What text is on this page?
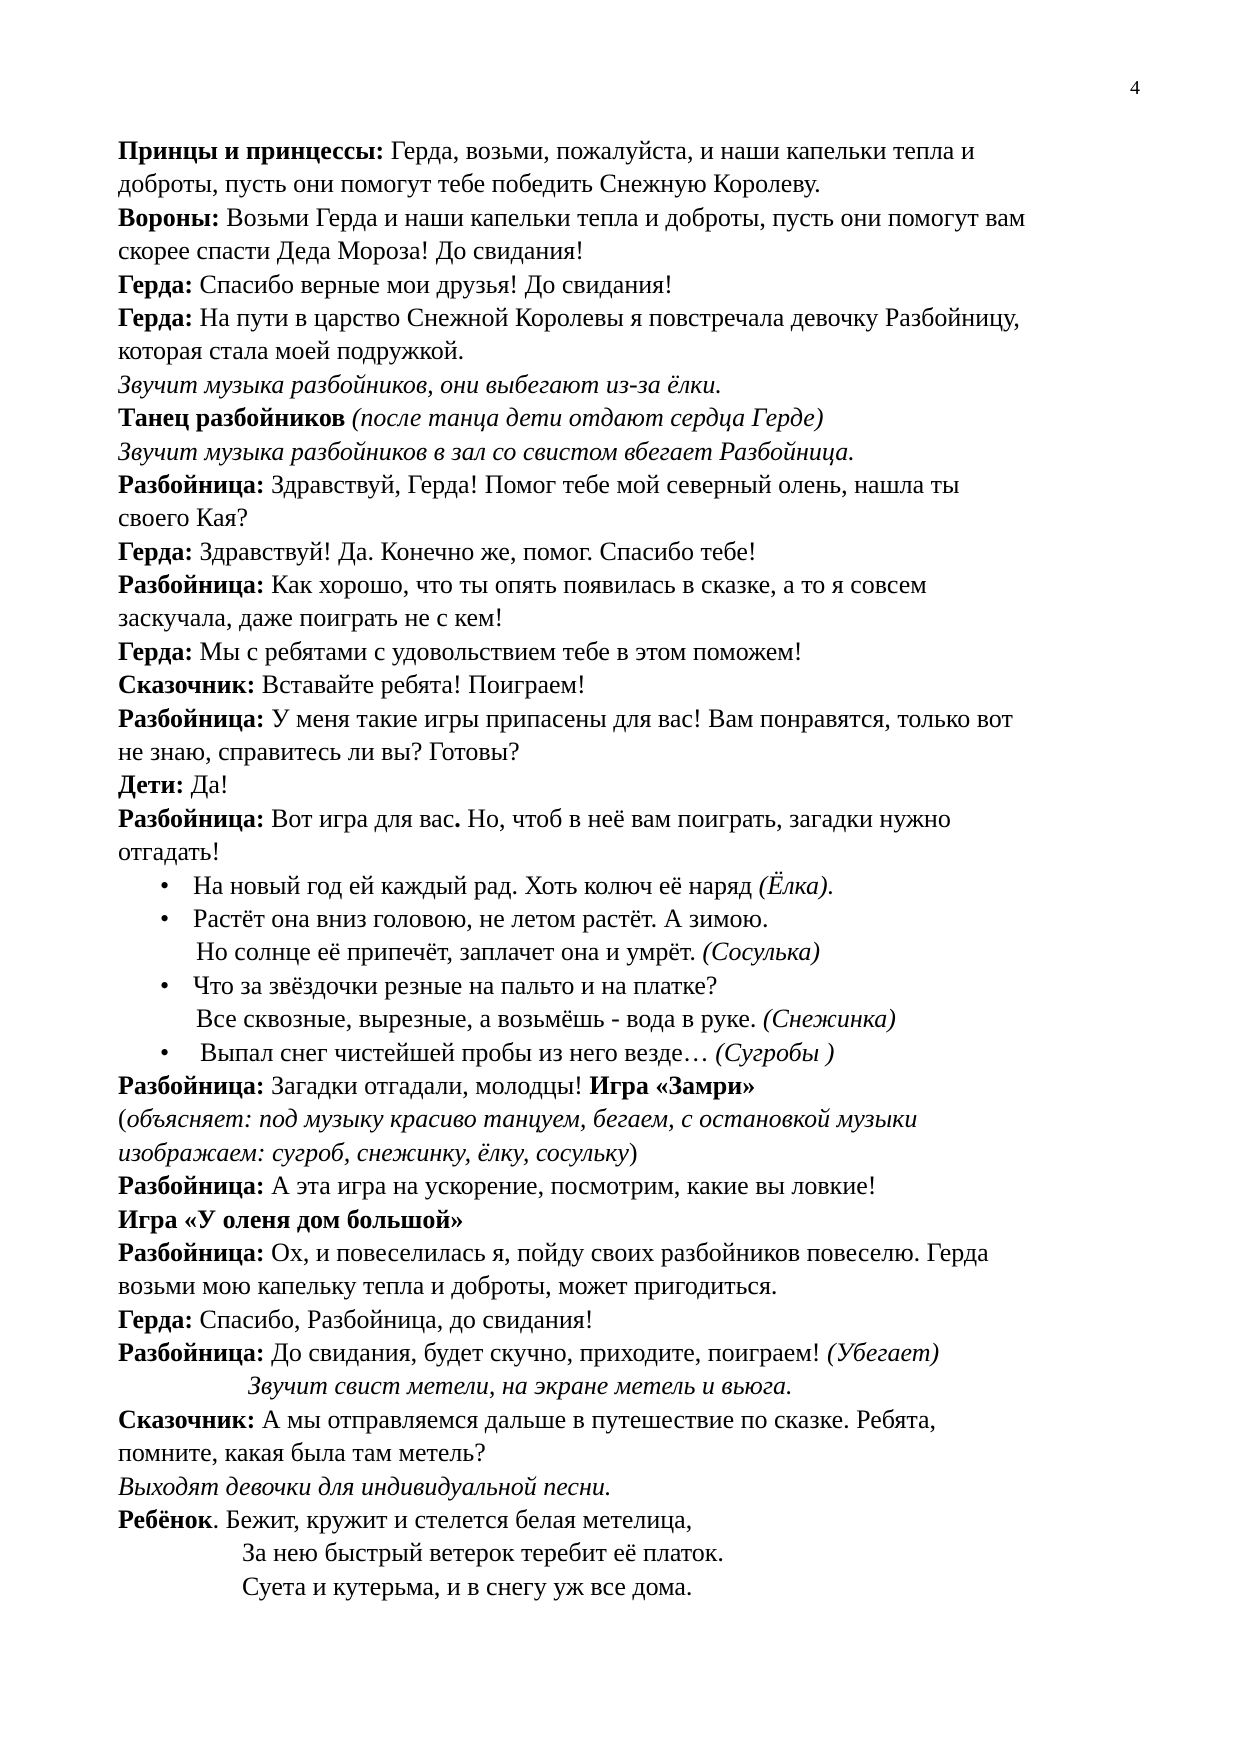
4
Принцы и принцессы: Герда, возьми, пожалуйста, и наши капельки тепла и
доброты, пусть они помогут тебе победить Снежную Королеву.
Вороны: Возьми Герда и наши капельки тепла и доброты, пусть они помогут вам
скорее спасти Деда Мороза! До свидания!
Герда: Спасибо верные мои друзья! До свидания!
Герда: На пути в царство Снежной Королевы я повстречала девочку Разбойницу,
которая стала моей подружкой.
Звучит музыка разбойников, они выбегают из-за ёлки.
Танец разбойников (после танца дети отдают сердца Герде)
Звучит музыка разбойников в зал со свистом вбегает Разбойница.
Разбойница: Здравствуй, Герда! Помог тебе мой северный олень, нашла ты
своего Кая?
Герда: Здравствуй! Да. Конечно же, помог. Спасибо тебе!
Разбойница: Как хорошо, что ты опять появилась в сказке, а то я совсем
заскучала, даже поиграть не с кем!
Герда: Мы с ребятами с удовольствием тебе в этом поможем!
Сказочник: Вставайте ребята! Поиграем!
Разбойница: У меня такие игры припасены для вас! Вам понравятся, только вот
не знаю, справитесь ли вы? Готовы?
Дети: Да!
Разбойница: Вот игра для вас. Но, чтоб в неё вам поиграть, загадки нужно
отгадать!
• На новый год ей каждый рад. Хоть колюч её наряд (Ёлка).
• Растёт она вниз головою, не летом растёт. А зимою.
Но солнце её припечёт, заплачет она и умрёт. (Сосулька)
• Что за звёздочки резные на пальто и на платке?
Все сквозные, вырезные, а возьмёшь - вода в руке. (Снежинка)
• Выпал снег чистейшей пробы из него везде… (Сугробы )
Разбойница: Загадки отгадали, молодцы! Игра «Замри»
(объясняет: под музыку красиво танцуем, бегаем, с остановкой музыки
изображаем: сугроб, снежинку, ёлку, сосульку)
Разбойница: А эта игра на ускорение, посмотрим, какие вы ловкие!
Игра «У оленя дом большой»
Разбойница: Ох, и повеселилась я, пойду своих разбойников повеселю. Герда
возьми мою капельку тепла и доброты, может пригодиться.
Герда: Спасибо, Разбойница, до свидания!
Разбойница: До свидания, будет скучно, приходите, поиграем! (Убегает)
Звучит свист метели, на экране метель и вьюга.
Сказочник: А мы отправляемся дальше в путешествие по сказке. Ребята,
помните, какая была там метель?
Выходят девочки для индивидуальной песни.
Ребёнок. Бежит, кружит и стелется белая метелица,
За нею быстрый ветерок теребит её платок.
Суета и кутерьма, и в снегу уж все дома.
